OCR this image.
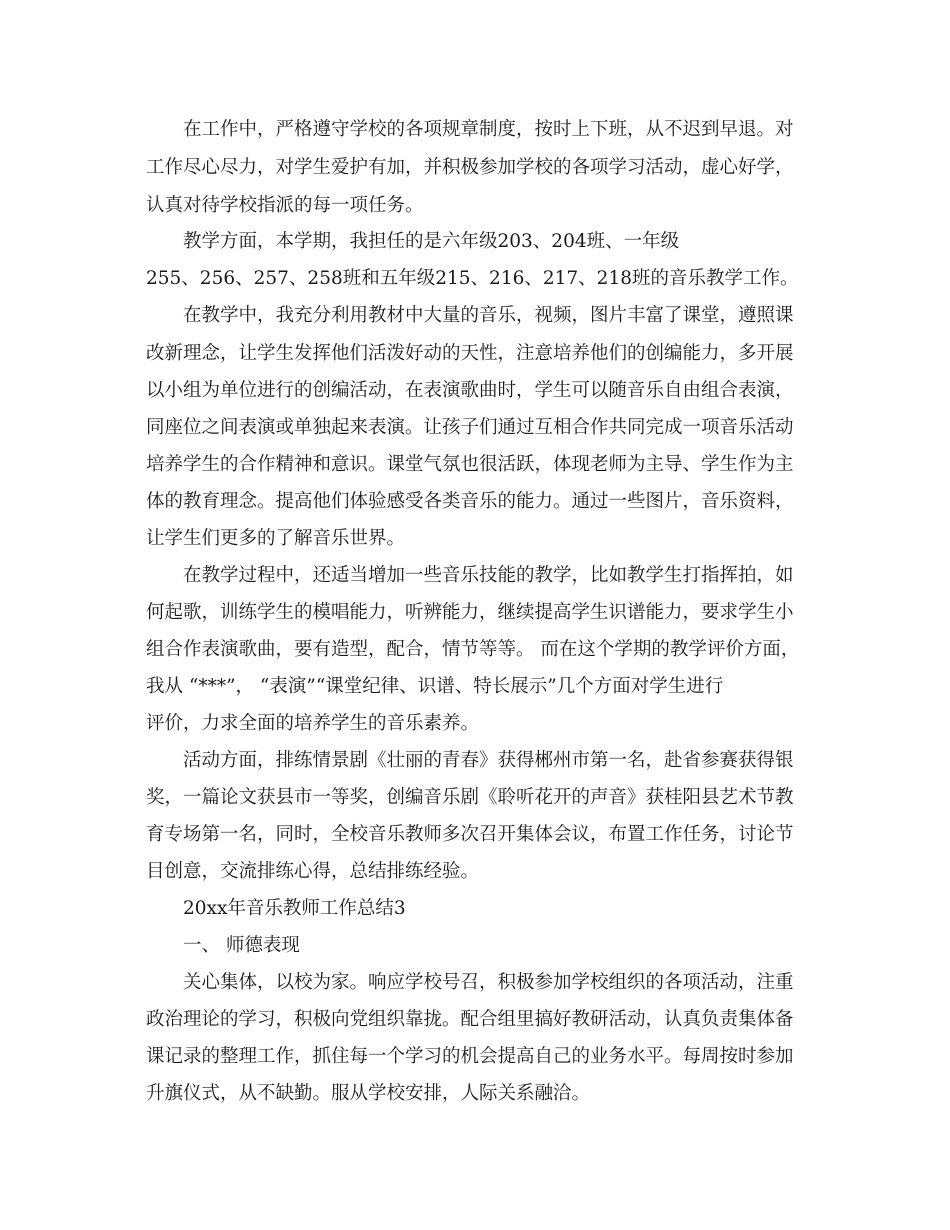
在工作中，严格遵守学校的各项规章制度，按时上下班，从不迟到早退。对
工作尽心尽力，对学生爱护有加，并积极参加学校的各项学习活动，虚心好学，
认真对待学校指派的每一项任务。
教学方面，本学期，我担任的是六年级203、204班、一年级
255、256、257、258班和五年级215、216、217、218班的音乐教学工作。
在教学中，我充分利用教材中大量的音乐，视频，图片丰富了课堂，遵照课
改新理念，让学生发挥他们活泼好动的天性，注意培养他们的创编能力，多开展
以小组为单位进行的创编活动，在表演歌曲时，学生可以随音乐自由组合表演，
同座位之间表演或单独起来表演。让孩子们通过互相合作共同完成一项音乐活动
培养学生的合作精神和意识。课堂气氛也很活跃，体现老师为主导、学生作为主
体的教育理念。提高他们体验感受各类音乐的能力。通过一些图片，音乐资料，
让学生们更多的了解音乐世界。
在教学过程中，还适当增加一些音乐技能的教学，比如教学生打指挥拍，如
何起歌，训练学生的模唱能力，听辨能力，继续提高学生识谱能力，要求学生小
组合作表演歌曲，要有造型，配合，情节等等。 而在这个学期的教学评价方面，
我从 “***”， “表演”“课堂纪律、识谱、特长展示”几个方面对学生进行
评价，力求全面的培养学生的音乐素养。
活动方面，排练情景剧《壮丽的青春》获得郴州市第一名，赴省参赛获得银
奖，一篇论文获县市一等奖，创编音乐剧《聆听花开的声音》获桂阳县艺术节教
育专场第一名，同时，全校音乐教师多次召开集体会议，布置工作任务，讨论节
目创意，交流排练心得，总结排练经验。
20xx年音乐教师工作总结3
一、 师德表现
关心集体，以校为家。响应学校号召，积极参加学校组织的各项活动，注重
政治理论的学习，积极向党组织靠拢。配合组里搞好教研活动，认真负责集体备
课记录的整理工作，抓住每一个学习的机会提高自己的业务水平。每周按时参加
升旗仪式，从不缺勤。服从学校安排，人际关系融洽。
